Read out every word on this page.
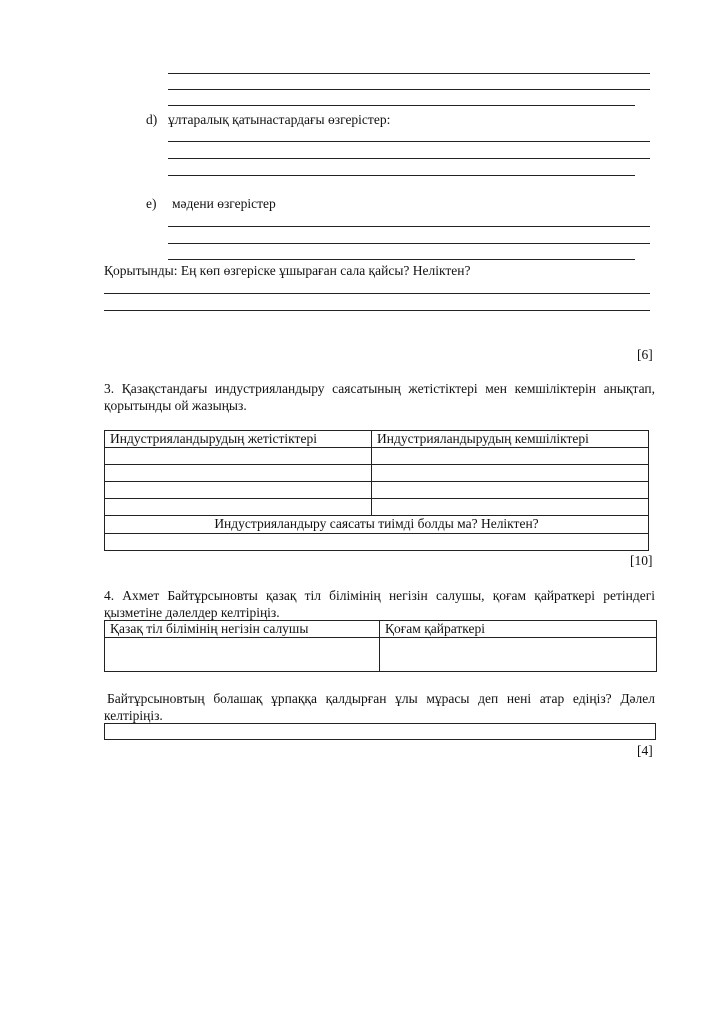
d) ұлтаралық қатынастардағы өзгерістер:
e) мәдени өзгерістер
Қорытынды: Ең көп өзгеріске ұшыраған сала қайсы? Неліктен?
[6]
3. Қазақстандағы индустрияландыру саясатының жетістіктері мен кемшіліктерін анықтап, қорытынды ой жазыңыз.
Индустрияландырудың жетістіктері	Индустрияландырудың кемшіліктері

Индустрияландыру саясаты тиімді болды ма? Неліктен?	

[10]
4. Ахмет Байтұрсыновты қазақ тіл білімінің негізін салушы, қоғам қайраткері ретіндегі қызметіне дәлелдер келтіріңіз.
Қазақ тіл білімінің негізін салушы	Қоғам қайраткері

Байтұрсыновтың болашақ ұрпаққа қалдырған ұлы мұрасы деп нені атар едіңіз? Дәлел келтіріңіз.
[4]
